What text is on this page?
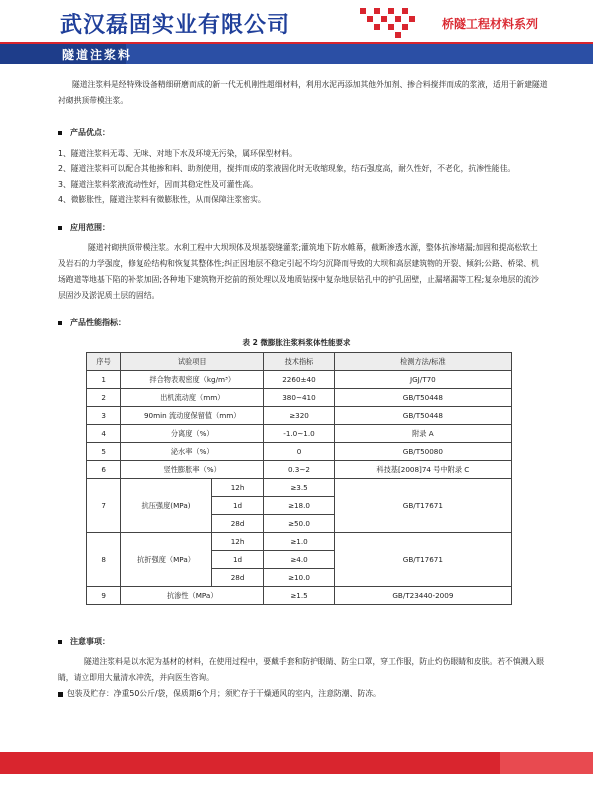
武汉磊固实业有限公司	桥隧工程材料系列
隧道注浆料
隧道注浆料是经特殊设备精细研磨而成的新一代无机刚性超细材料，利用水泥再添加其他外加剂、掺合料搅拌而成的浆液，适用于新建隧道衬砌拱顶带模注浆。
产品优点：
1、隧道注浆料无毒、无味、对地下水及环境无污染，属环保型材料。
2、隧道注浆料可以配合其他掺和料、助剂使用，搅拌而成的浆液固化时无收缩现象，结石强度高，耐久性好，不老化，抗渗性能佳。
3、隧道注浆料浆液流动性好，因而其稳定性及可灌性高。
4、微膨胀性，隧道注浆料有微膨胀性，从而保障注浆密实。
应用范围：
隧道衬砌拱顶带模注浆。水利工程中大坝坝体及坝基裂缝灌浆;灌筑地下防水帷幕，截断渗透水源，整体抗渗堵漏;加固和提高松软土及岩石的力学强度，修复砼结构和恢复其整体性;纠正因地层不稳定引起不均匀沉降而导致的大坝和高层建筑物的开裂、倾斜;公路、桥梁、机场跑道等地基下陷的补浆加固;各种地下建筑物开挖前的预处理以及地质钻探中复杂地层钻孔中的护孔固壁，止漏堵漏等工程;复杂地层的流沙层固沙及淤泥质土层的固结。
产品性能指标：
表 2 微膨胀注浆料浆体性能要求
序号	试验项目		技术指标	检测方法/标准
1	拌合物表观密度（kg/m³）		2260±40	JGJ/T70
2	出机流动度（mm）		380~410	GB/T50448
3	90min 流动度保留值（mm）		≥320	GB/T50448
4	分离度（%）		-1.0~1.0	附录 A
5	泌水率（%）		0	GB/T50080
6	竖性膨胀率（%）		0.3~2	科技基[2008]74 号中附录 C
7	抗压强度(MPa)	12h	≥3.5	GB/T17671
		1d	≥18.0	
		28d	≥50.0	
8	抗折强度（MPa）	12h	≥1.0	GB/T17671
		1d	≥4.0	
		28d	≥10.0	
9	抗渗性（MPa）		≥1.5	GB/T23440-2009
注意事项：
隧道注浆料是以水泥为基材的材料，在使用过程中，要戴手套和防护眼睛、防尘口罩，穿工作服，防止灼伤眼睛和皮肤。若不慎溅入眼睛，请立即用大量清水冲洗，并向医生咨询。
包装及贮存：净重50公斤/袋，保质期6个月；须贮存于干燥通风的室内，注意防潮、防冻。
